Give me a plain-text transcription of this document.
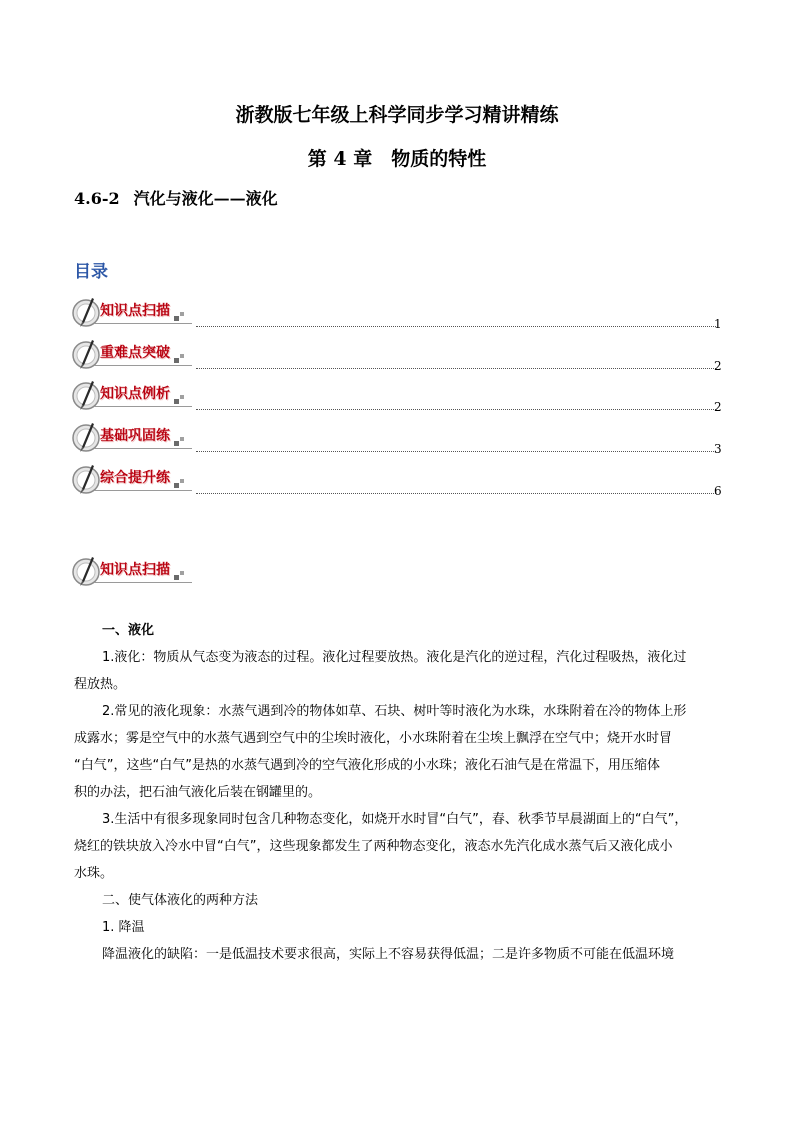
浙教版七年级上科学同步学习精讲精练
第 4 章　物质的特性
4.6-2 汽化与液化——液化
目录
知识点扫描
1
重难点突破
2
知识点例析
2
基础巩固练
3
综合提升练
6
知识点扫描

一、液化

1.液化：物质从气态变为液态的过程。液化过程要放热。液化是汽化的逆过程，汽化过程吸热，液化过

程放热。

2.常见的液化现象：水蒸气遇到冷的物体如草、石块、树叶等时液化为水珠，水珠附着在冷的物体上形

成露水；雾是空气中的水蒸气遇到空气中的尘埃时液化，小水珠附着在尘埃上飘浮在空气中；烧开水时冒

“白气”，这些“白气”是热的水蒸气遇到冷的空气液化形成的小水珠；液化石油气是在常温下，用压缩体

积的办法，把石油气液化后装在钢罐里的。

3.生活中有很多现象同时包含几种物态变化，如烧开水时冒“白气”，春、秋季节早晨湖面上的“白气”，

烧红的铁块放入冷水中冒“白气”，这些现象都发生了两种物态变化，液态水先汽化成水蒸气后又液化成小

水珠。

二、使气体液化的两种方法

1. 降温

降温液化的缺陷：一是低温技术要求很高，实际上不容易获得低温；二是许多物质不可能在低温环境
